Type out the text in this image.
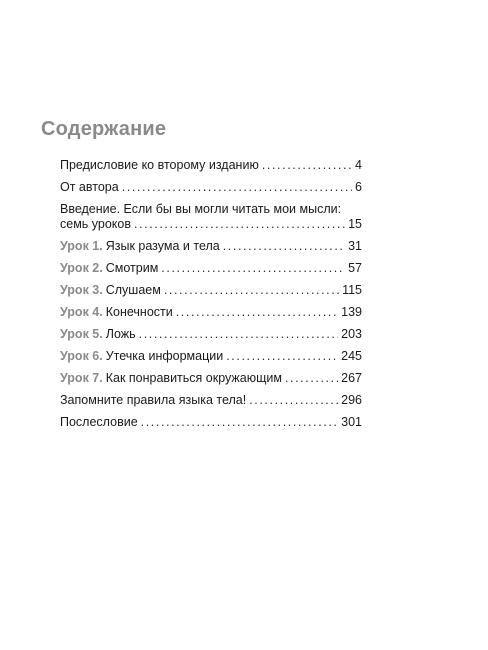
Содержание
Предисловие ко второму изданию .....	4
От автора .....	6
Введение. Если бы вы могли читать мои мысли:
семь уроков .....	15
Урок 1. Язык разума и тела .....	31
Урок 2. Смотрим .....	57
Урок 3. Слушаем .....	115
Урок 4. Конечности .....	139
Урок 5. Ложь .....	203
Урок 6. Утечка информации .....	245
Урок 7. Как понравиться окружающим .....	267
Запомните правила языка тела! .....	296
Послесловие .....	301
